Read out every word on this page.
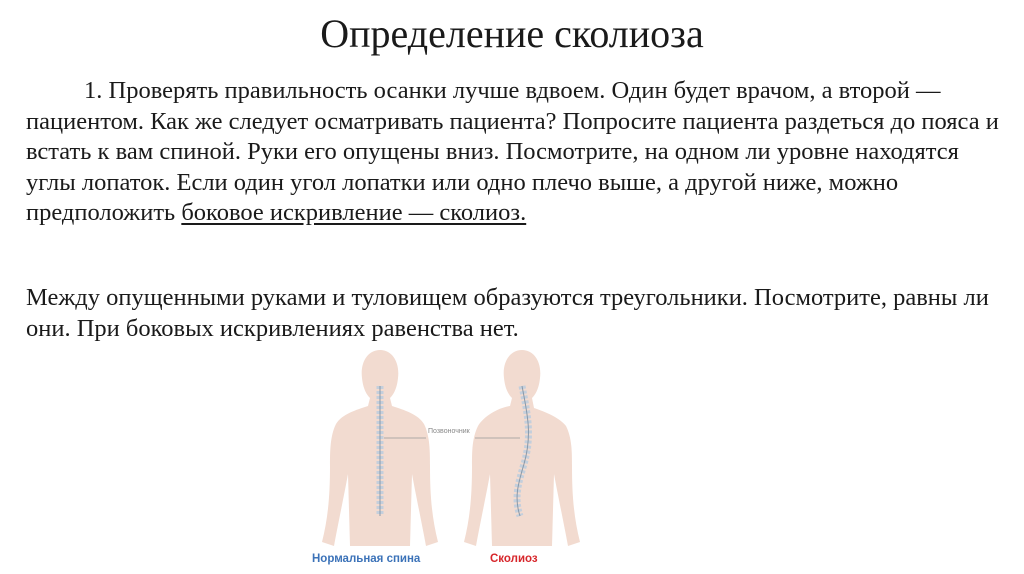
Определение сколиоза
1. Проверять правильность осанки лучше вдвоем. Один будет врачом, а второй — пациентом. Как же следует осматривать пациента? Попросите пациента раздеться до пояса и встать к вам спиной. Руки его опущены вниз. Посмотрите, на одном ли уровне находятся углы лопаток. Если один угол лопатки или одно плечо выше, а другой ниже, можно предположить боковое искривление — сколиоз.
Между опущенными руками и туловищем образуются треугольники. Посмотрите, равны ли они. При боковых искривлениях равенства нет.
Позвоночник
Нормальная спина	Сколиоз
